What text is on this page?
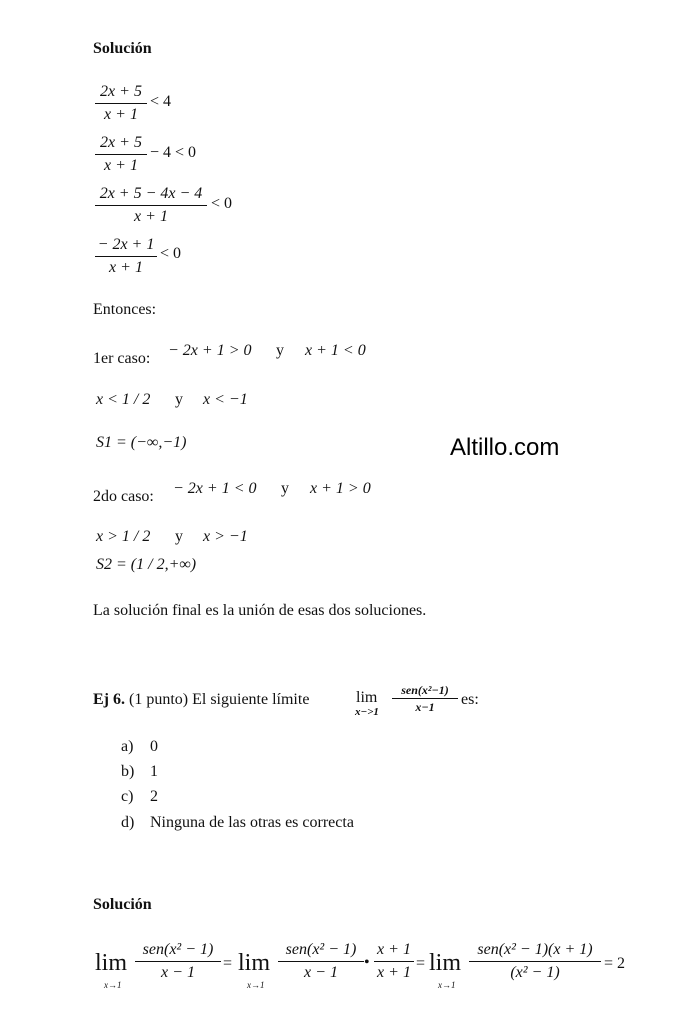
Altillo.com
Solución
2x + 5
x + 1
< 4
2x + 5
x + 1
− 4 < 0
2x + 5 − 4x − 4
x + 1
< 0
− 2x + 1
x + 1
< 0
Entonces:
1er caso: − 2x + 1 > 0 y x + 1 < 0
x < 1 / 2 y x < −1
S1 = (−∞,−1)
2do caso: − 2x + 1 < 0 y x + 1 > 0
x > 1 / 2 y x > −1
S2 = (1 / 2,+∞)
La solución final es la unión de esas dos soluciones.
Ej 6. (1 punto) El siguiente límite	lim
x−>1
sen(x²−1)
x−1	es:
a) 0
b) 1
c) 2
d) Ninguna de las otras es correcta
Solución
lim
x→1
sen(x² − 1)
x − 1
= lim
x→1
sen(x² − 1)
x − 1
•
x + 1
x + 1
= lim
x→1
sen(x² − 1)(x + 1)
(x² − 1)
= 2
